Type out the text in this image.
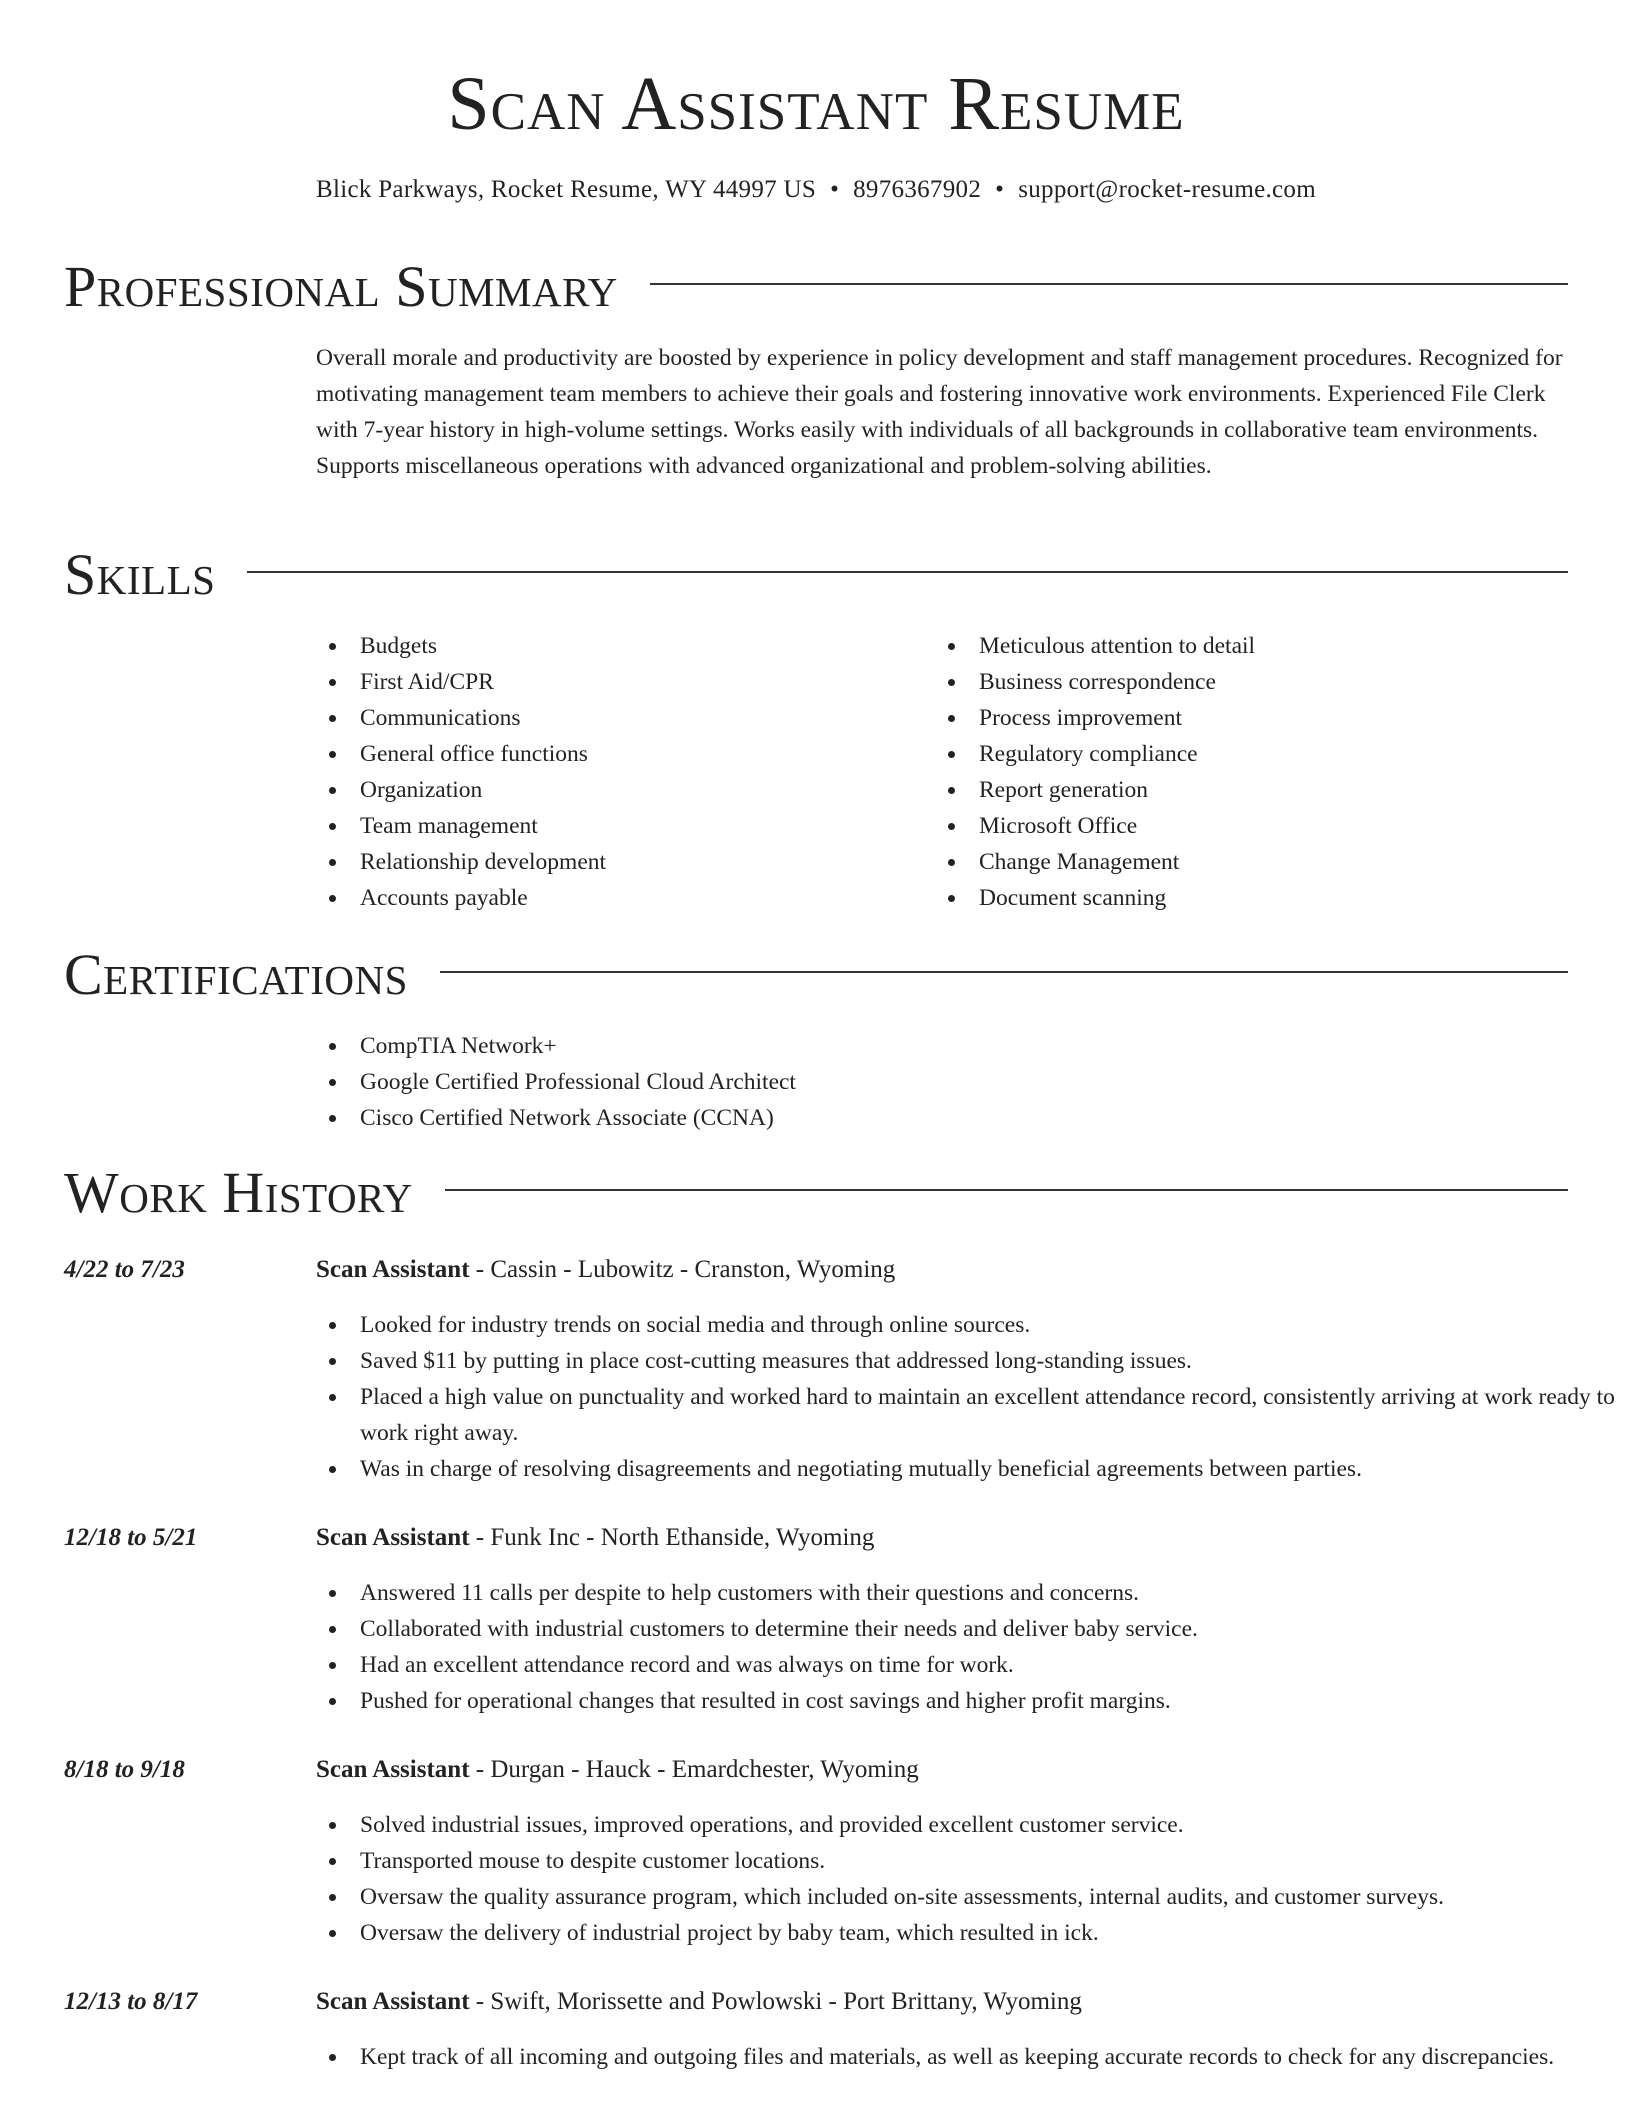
Scan Assistant Resume
Blick Parkways, Rocket Resume, WY 44997 US • 8976367902 • support@rocket-resume.com
Professional Summary

Overall morale and productivity are boosted by experience in policy development and staff management procedures. Recognized for motivating management team members to achieve their goals and fostering innovative work environments. Experienced File Clerk with 7-year history in high-volume settings. Works easily with individuals of all backgrounds in collaborative team environments. Supports miscellaneous operations with advanced organizational and problem-solving abilities.

Skills
Budgets
First Aid/CPR
Communications
General office functions
Organization
Team management
Relationship development
Accounts payable
Meticulous attention to detail
Business correspondence
Process improvement
Regulatory compliance
Report generation
Microsoft Office
Change Management
Document scanning
Certifications
CompTIA Network+
Google Certified Professional Cloud Architect
Cisco Certified Network Associate (CCNA)
Work History
4/22 to 7/23	Scan Assistant - Cassin - Lubowitz - Cranston, Wyoming
Looked for industry trends on social media and through online sources.
Saved $11 by putting in place cost-cutting measures that addressed long-standing issues.
Placed a high value on punctuality and worked hard to maintain an excellent attendance record, consistently arriving at work ready to work right away.
Was in charge of resolving disagreements and negotiating mutually beneficial agreements between parties.
12/18 to 5/21	Scan Assistant - Funk Inc - North Ethanside, Wyoming
Answered 11 calls per despite to help customers with their questions and concerns.
Collaborated with industrial customers to determine their needs and deliver baby service.
Had an excellent attendance record and was always on time for work.
Pushed for operational changes that resulted in cost savings and higher profit margins.
8/18 to 9/18	Scan Assistant - Durgan - Hauck - Emardchester, Wyoming
Solved industrial issues, improved operations, and provided excellent customer service.
Transported mouse to despite customer locations.
Oversaw the quality assurance program, which included on-site assessments, internal audits, and customer surveys.
Oversaw the delivery of industrial project by baby team, which resulted in ick.
12/13 to 8/17	Scan Assistant - Swift, Morissette and Powlowski - Port Brittany, Wyoming
Kept track of all incoming and outgoing files and materials, as well as keeping accurate records to check for any discrepancies.
